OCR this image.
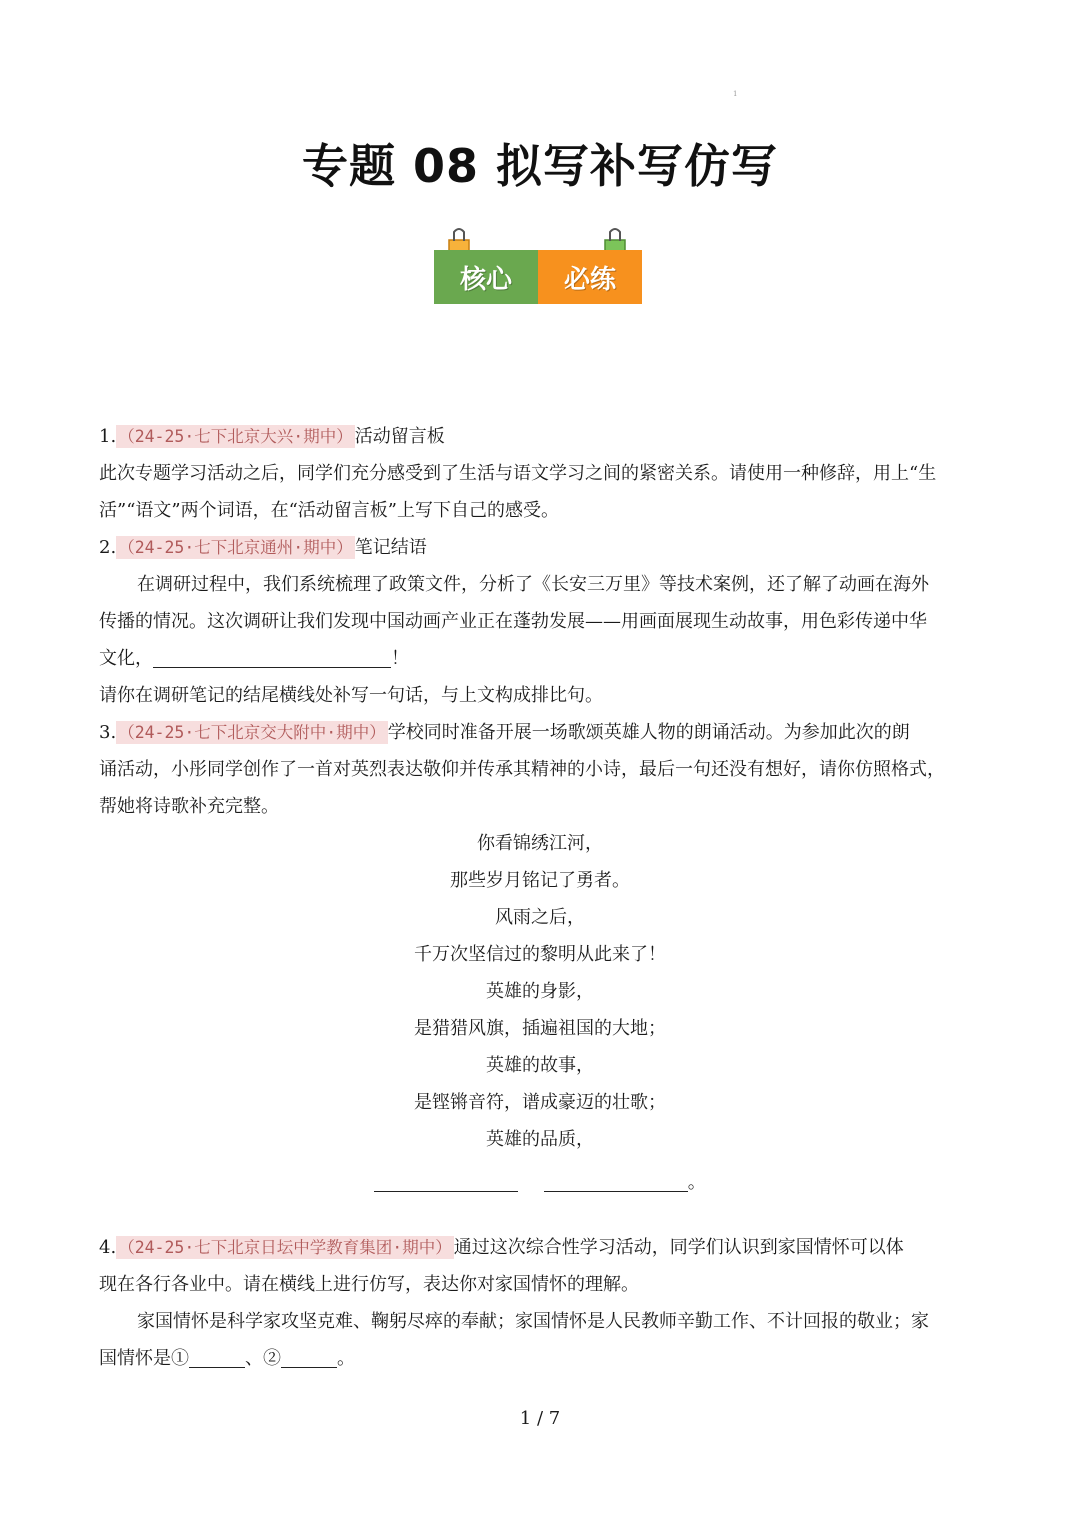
1
专题 08 拟写补写仿写
核心	必练
1. （24-25·七下北京大兴·期中） 活动留言板
此次专题学习活动之后，同学们充分感受到了生活与语文学习之间的紧密关系。请使用一种修辞，用上“生
活”“语文”两个词语，在“活动留言板”上写下自己的感受。
2. （24-25·七下北京通州·期中） 笔记结语
在调研过程中，我们系统梳理了政策文件，分析了《长安三万里》等技术案例，还了解了动画在海外
传播的情况。这次调研让我们发现中国动画产业正在蓬勃发展——用画面展现生动故事，用色彩传递中华
文化，	！
请你在调研笔记的结尾横线处补写一句话，与上文构成排比句。
3. （24-25·七下北京交大附中·期中） 学校同时准备开展一场歌颂英雄人物的朗诵活动。为参加此次的朗
诵活动，小彤同学创作了一首对英烈表达敬仰并传承其精神的小诗，最后一句还没有想好，请你仿照格式，
帮她将诗歌补充完整。
你看锦绣江河，
那些岁月铭记了勇者。
风雨之后，
千万次坚信过的黎明从此来了！
英雄的身影，
是猎猎风旗，插遍祖国的大地；
英雄的故事，
是铿锵音符，谱成豪迈的壮歌；
英雄的品质，
。
4. （24-25·七下北京日坛中学教育集团·期中） 通过这次综合性学习活动，同学们认识到家国情怀可以体
现在各行各业中。请在横线上进行仿写，表达你对家国情怀的理解。
家国情怀是科学家攻坚克难、鞠躬尽瘁的奉献；家国情怀是人民教师辛勤工作、不计回报的敬业；家
国情怀是①	、②	。
1 / 7
